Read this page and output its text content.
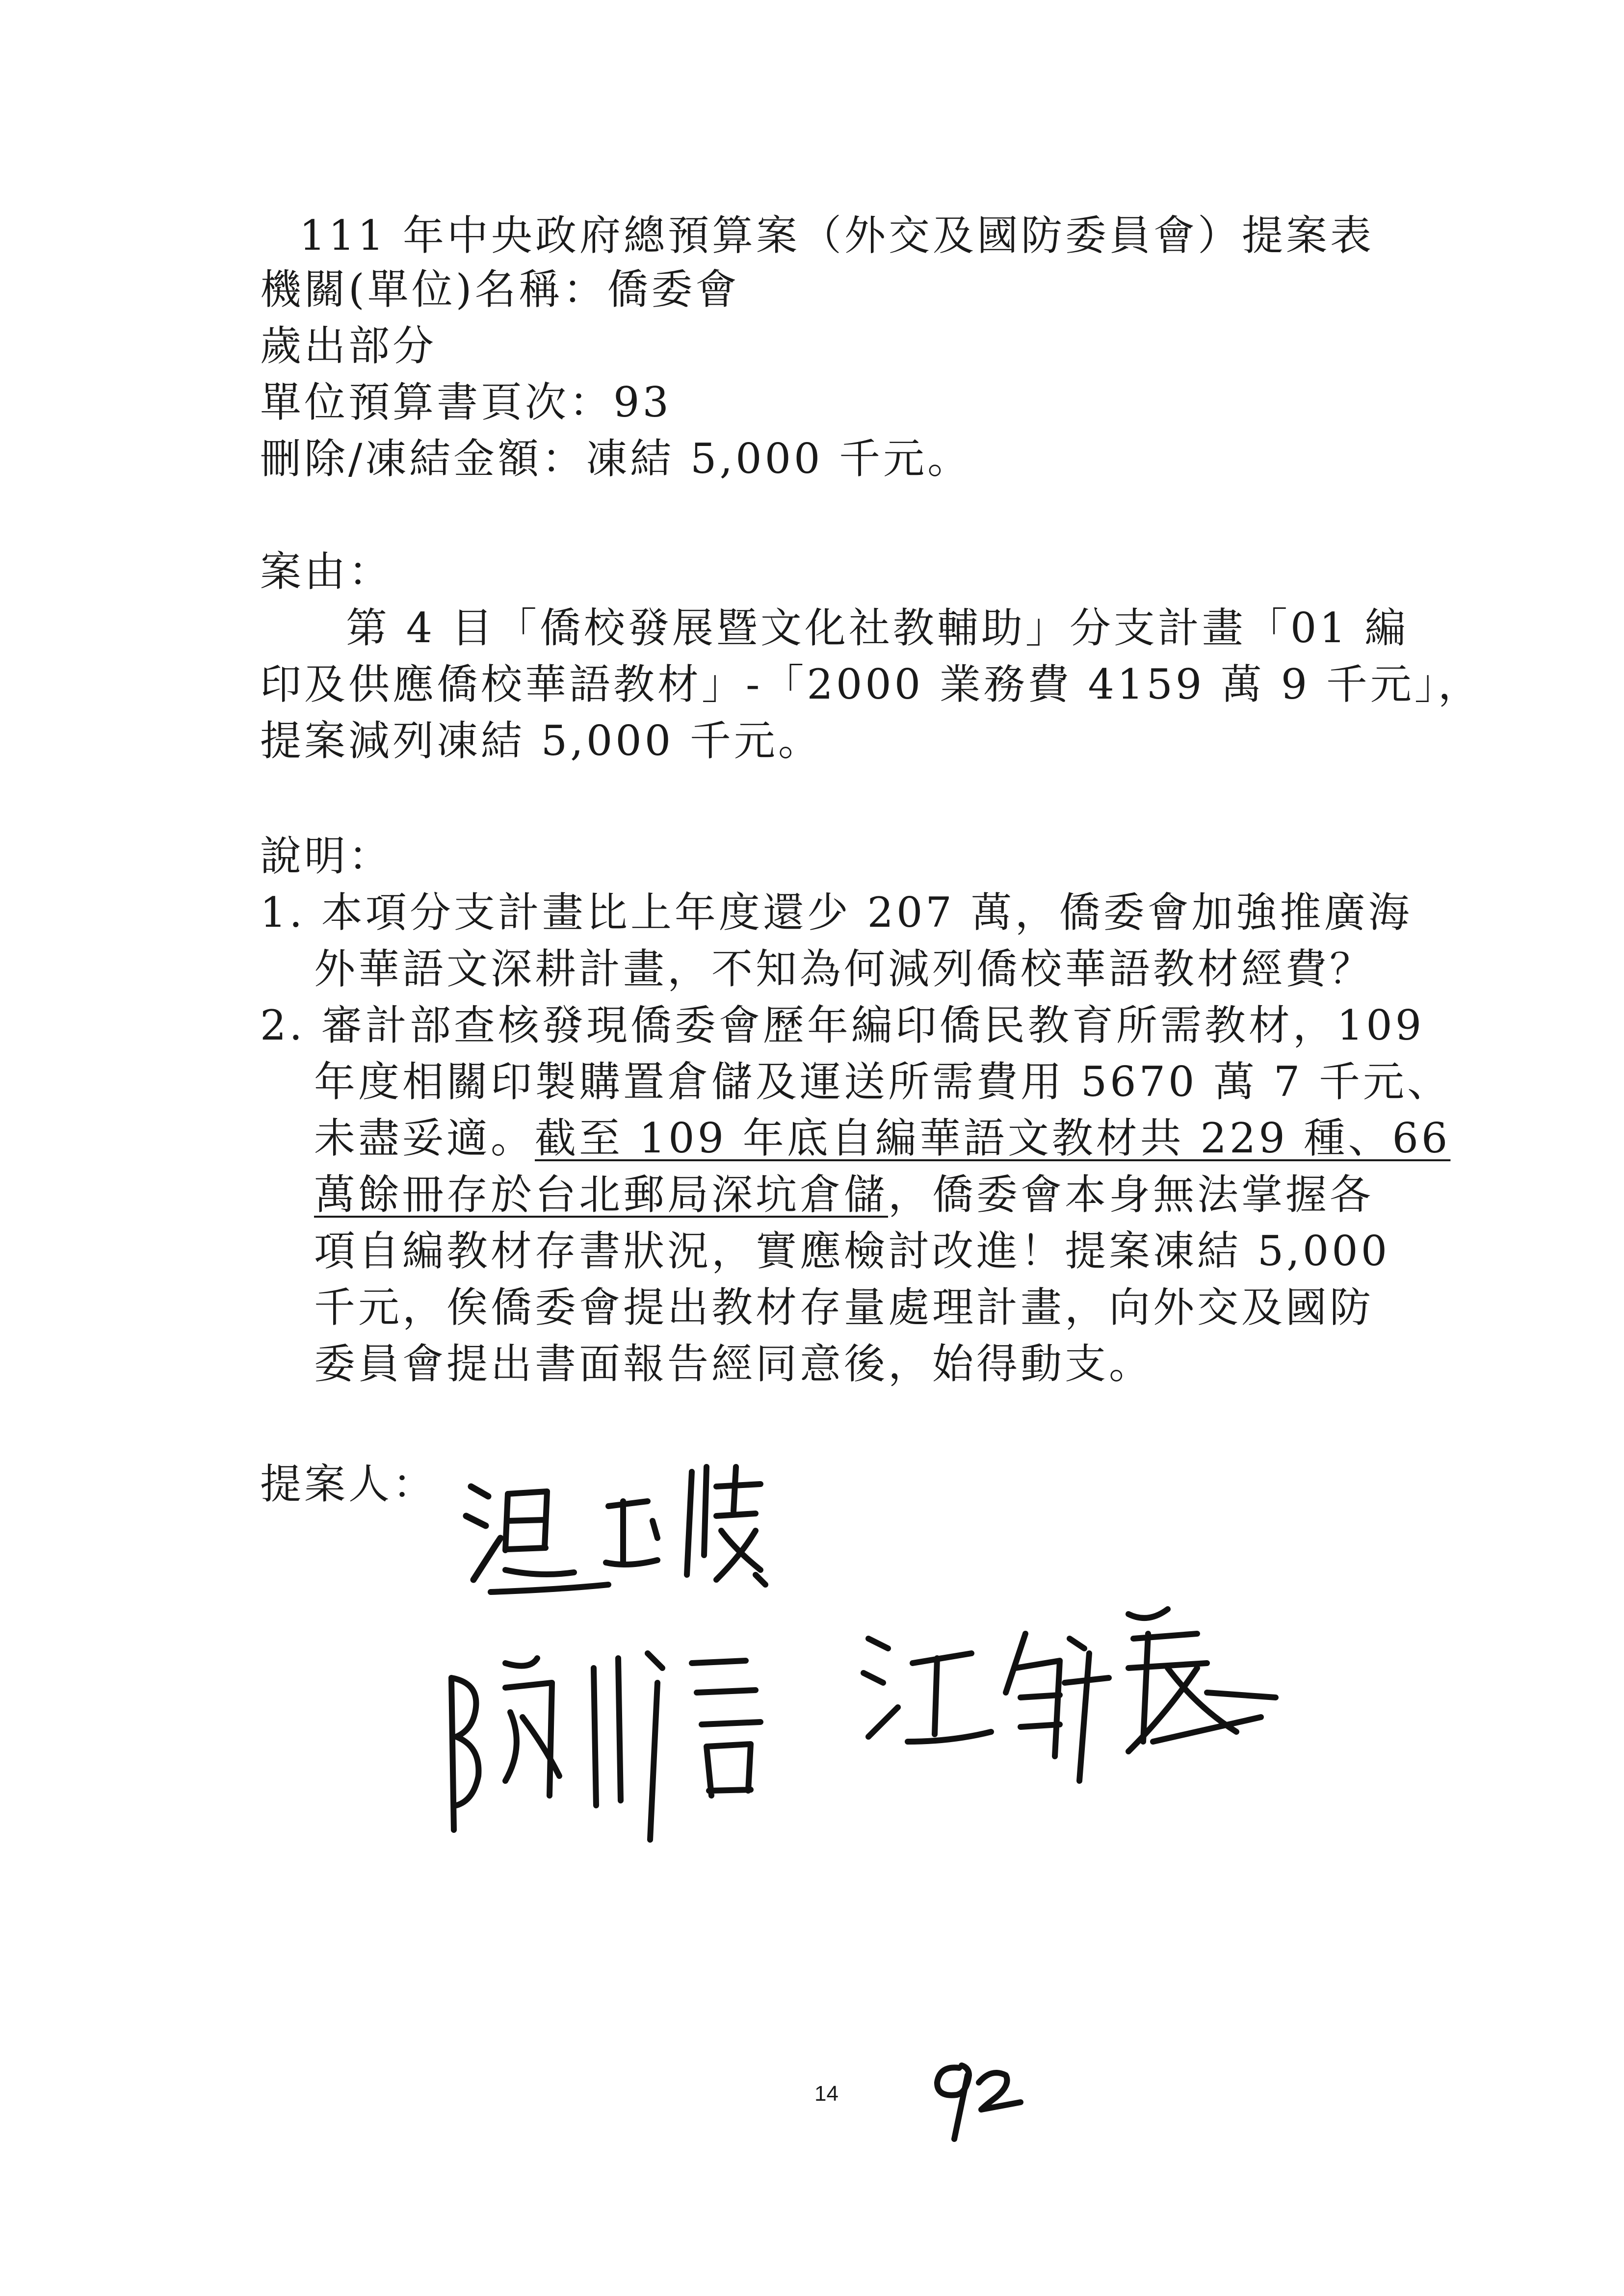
111 年中央政府總預算案（外交及國防委員會）提案表
機關(單位)名稱：僑委會
歲出部分
單位預算書頁次：93
刪除/凍結金額：凍結 5,000 千元。
案由：
第 4 目「僑校發展暨文化社教輔助」分支計畫「01 編
印及供應僑校華語教材」-「2000 業務費 4159 萬 9 千元」，
提案減列凍結 5,000 千元。
說明：
1. 本項分支計畫比上年度還少 207 萬，僑委會加強推廣海
外華語文深耕計畫，不知為何減列僑校華語教材經費？
2. 審計部查核發現僑委會歷年編印僑民教育所需教材，109
年度相關印製購置倉儲及運送所需費用 5670 萬 7 千元、
未盡妥適。截至 109 年底自編華語文教材共 229 種、66
萬餘冊存於台北郵局深坑倉儲，僑委會本身無法掌握各
項自編教材存書狀況，實應檢討改進！提案凍結 5,000
千元，俟僑委會提出教材存量處理計畫，向外交及國防
委員會提出書面報告經同意後，始得動支。
提案人：
14
